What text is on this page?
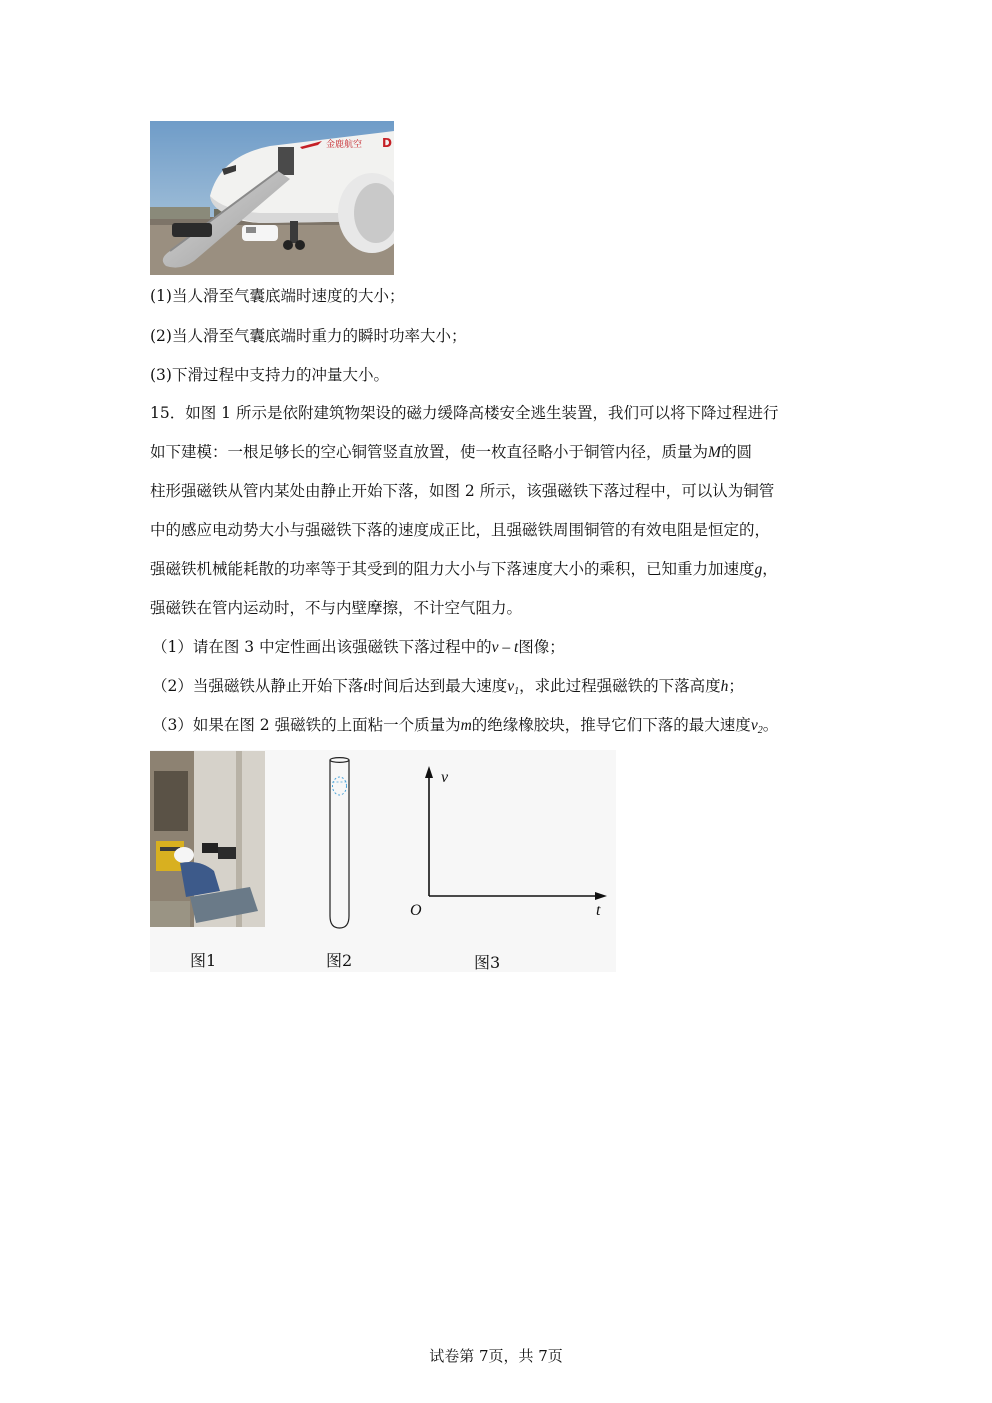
金鹿航空 D
(1)当人滑至气囊底端时速度的大小；
(2)当人滑至气囊底端时重力的瞬时功率大小；
(3)下滑过程中支持力的冲量大小。
15．如图 1 所示是依附建筑物架设的磁力缓降高楼安全逃生装置，我们可以将下降过程进行
如下建模：一根足够长的空心铜管竖直放置，使一枚直径略小于铜管内径，质量为M的圆
柱形强磁铁从管内某处由静止开始下落，如图 2 所示，该强磁铁下落过程中，可以认为铜管
中的感应电动势大小与强磁铁下落的速度成正比，且强磁铁周围铜管的有效电阻是恒定的，
强磁铁机械能耗散的功率等于其受到的阻力大小与下落速度大小的乘积，已知重力加速度g，
强磁铁在管内运动时，不与内壁摩擦，不计空气阻力。
（1）请在图 3 中定性画出该强磁铁下落过程中的v – t图像；
（2）当强磁铁从静止开始下落t时间后达到最大速度$v_1$，求此过程强磁铁的下落高度h；
（3）如果在图 2 强磁铁的上面粘一个质量为m的绝缘橡胶块，推导它们下落的最大速度$v_2$。
v
t
O
图1	图2	图3
试卷第 7页，共 7页
